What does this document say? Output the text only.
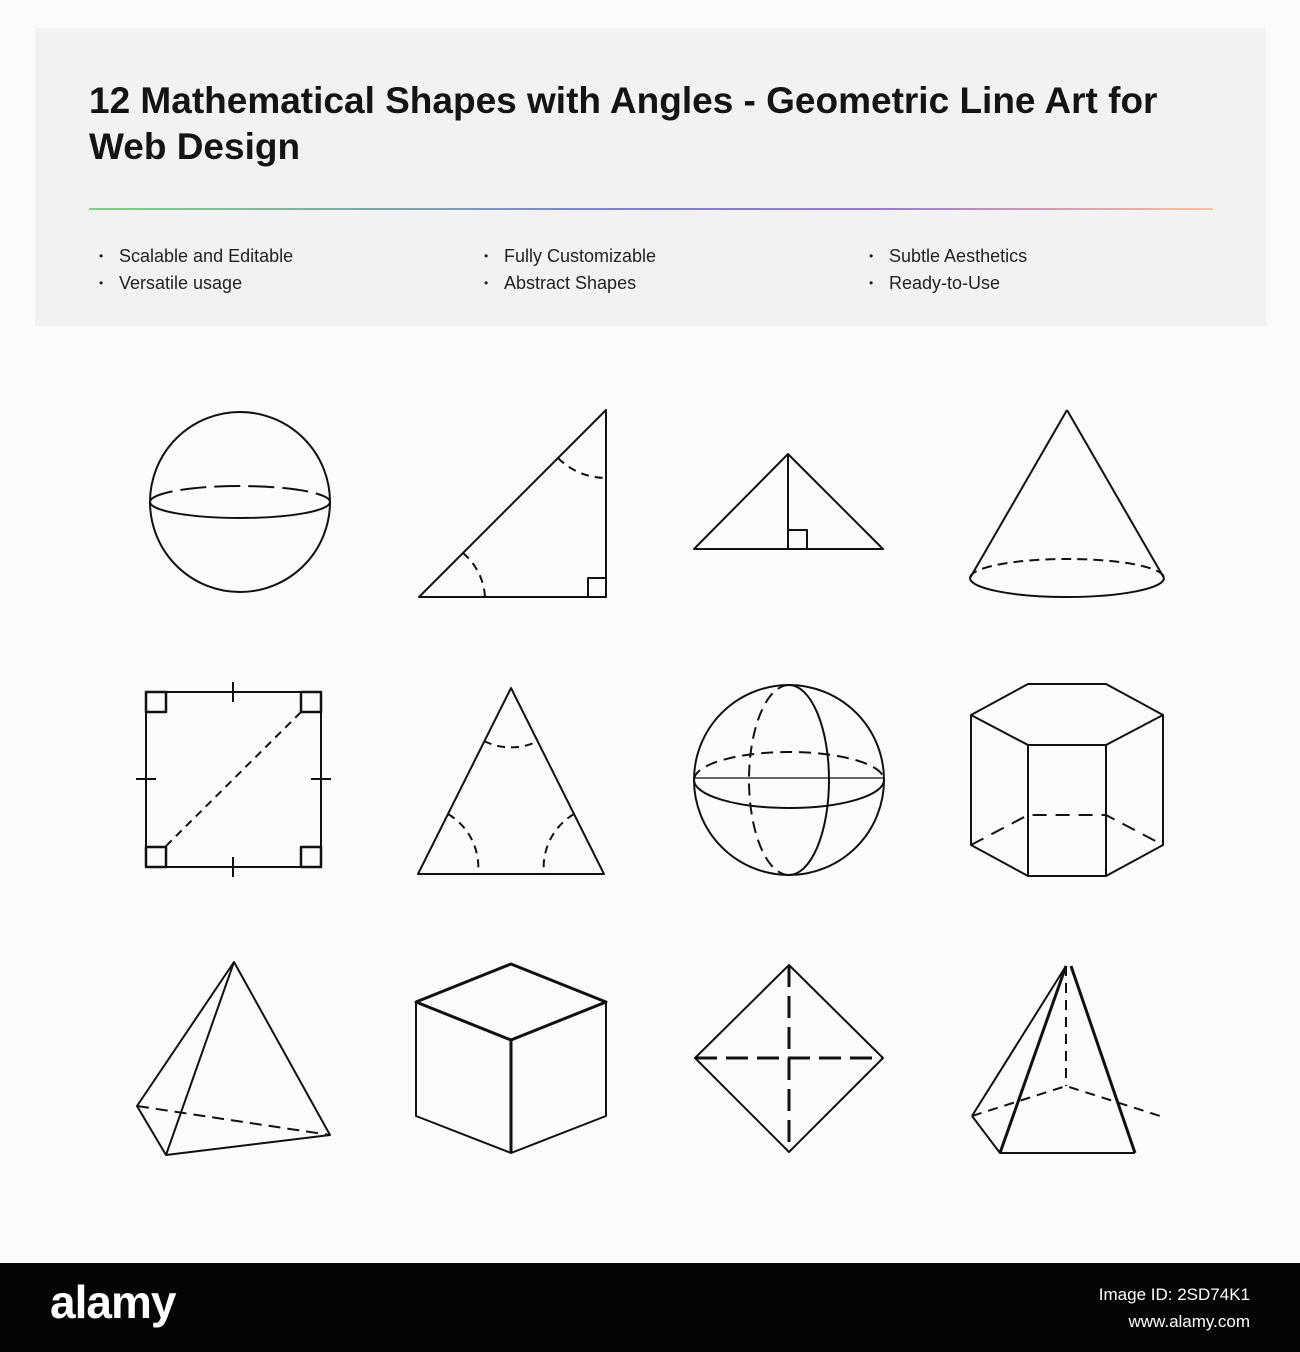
12 Mathematical Shapes with Angles - Geometric Line Art for Web Design
• Scalable and Editable
• Versatile usage
• Fully Customizable
• Abstract Shapes
• Subtle Aesthetics
• Ready-to-Use
alamy	Image ID: 2SD74K1
www.alamy.com
